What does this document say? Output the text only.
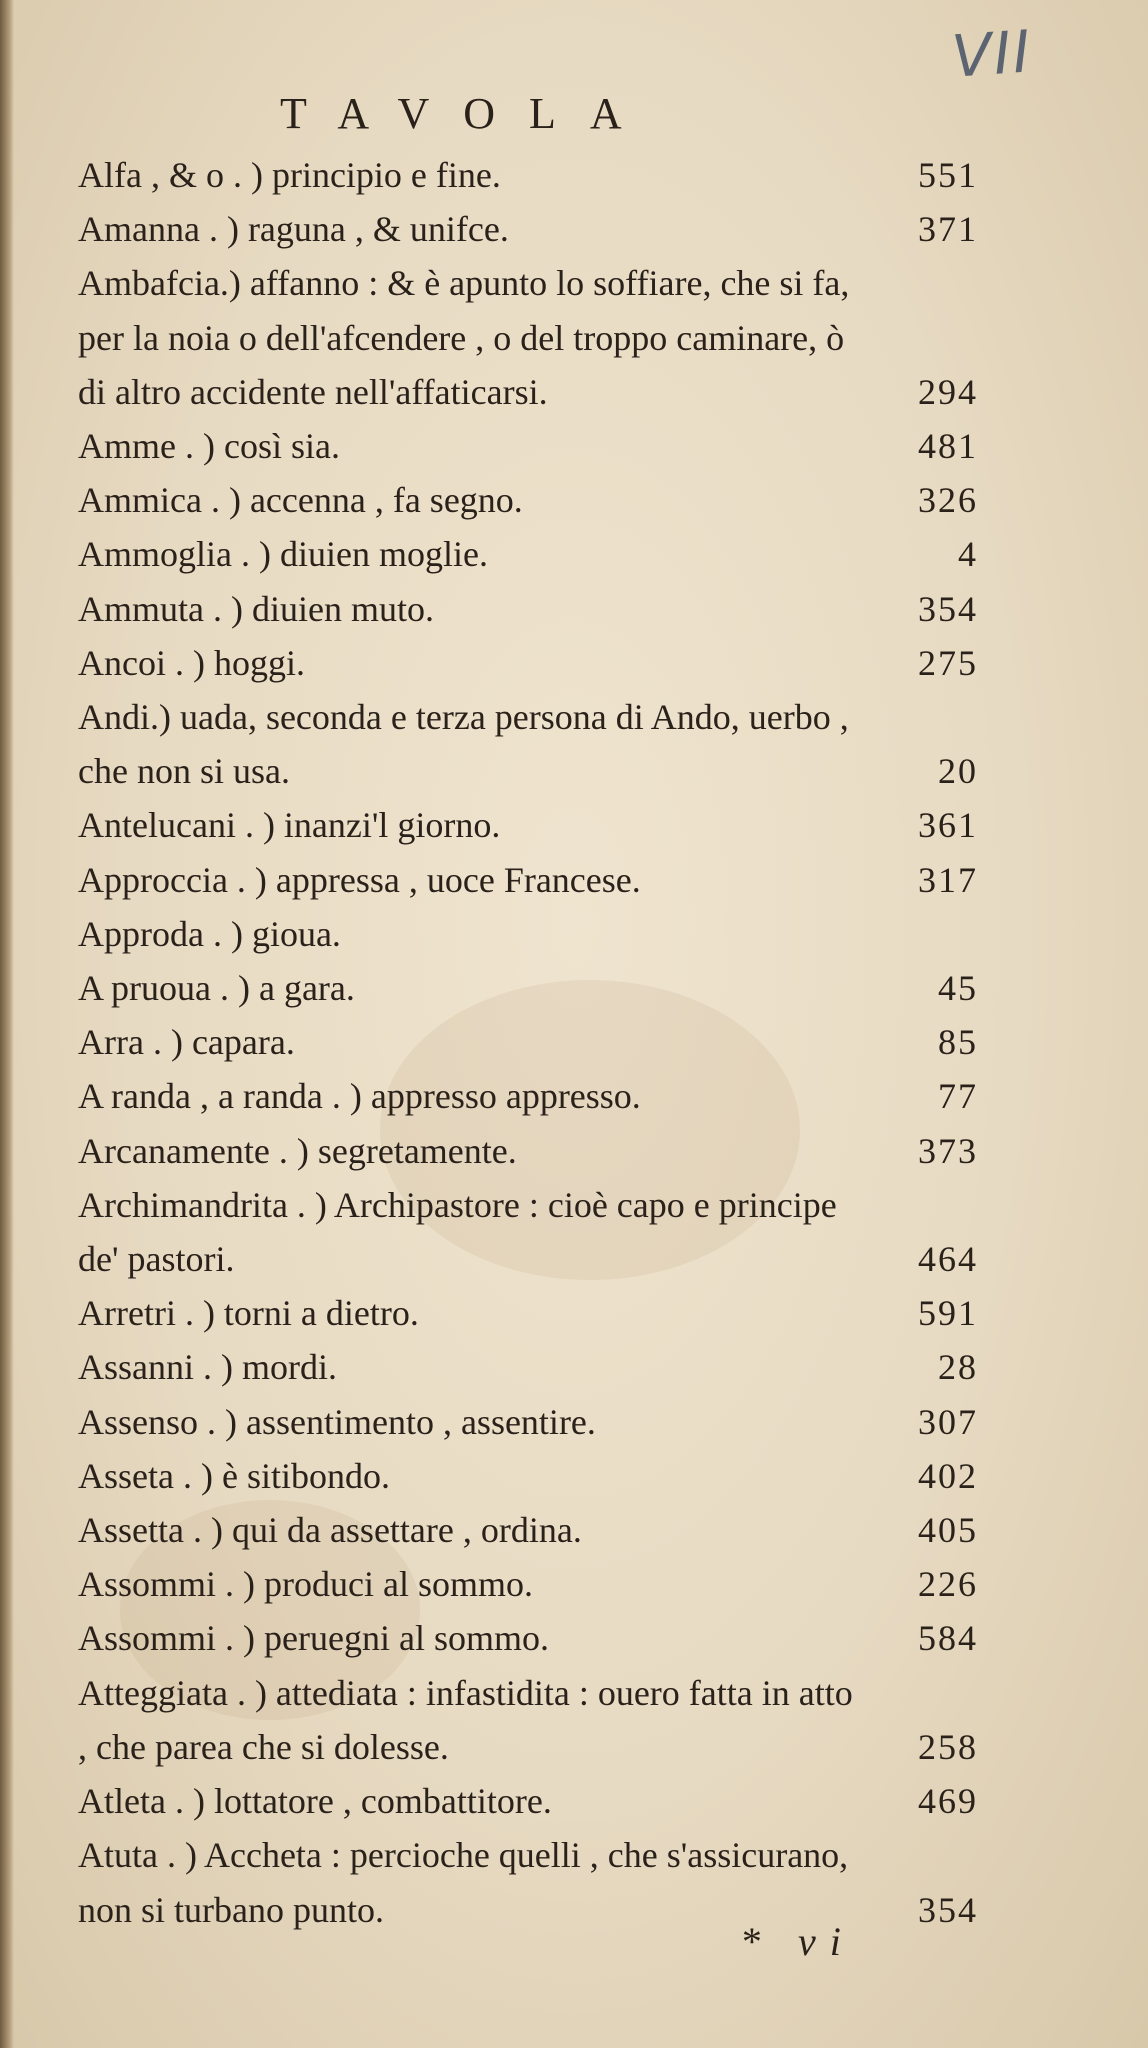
VII
TAVOLA
Alfa , & o . ) principio e fine.	551
Amanna . ) raguna , & unifce.	371
Ambafcia.) affanno : & è apunto lo soffiare, che si fa, per la noia o dell'afcendere , o del troppo caminare, ò di altro accidente nell'affaticarsi.	294
Amme . ) così sia.	481
Ammica . ) accenna , fa segno.	326
Ammoglia . ) diuien moglie.	4
Ammuta . ) diuien muto.	354
Ancoi . ) hoggi.	275
Andi.) uada, seconda e terza persona di Ando, uerbo , che non si usa.	20
Antelucani . ) inanzi'l giorno.	361
Approccia . ) appressa , uoce Francese.	317
Approda . ) gioua.
A pruoua . ) a gara.	45
Arra . ) capara.	85
A randa , a randa . ) appresso appresso.	77
Arcanamente . ) segretamente.	373
Archimandrita . ) Archipastore : cioè capo e principe de' pastori.	464
Arretri . ) torni a dietro.	591
Assanni . ) mordi.	28
Assenso . ) assentimento , assentire.	307
Asseta . ) è sitibondo.	402
Assetta . ) qui da assettare , ordina.	405
Assommi . ) produci al sommo.	226
Assommi . ) peruegni al sommo.	584
Atteggiata . ) attediata : infastidita : ouero fatta in atto , che parea che si dolesse.	258
Atleta . ) lottatore , combattitore.	469
Atuta . ) Accheta : percioche quelli , che s'assicurano, non si turbano punto.	354
* vi
